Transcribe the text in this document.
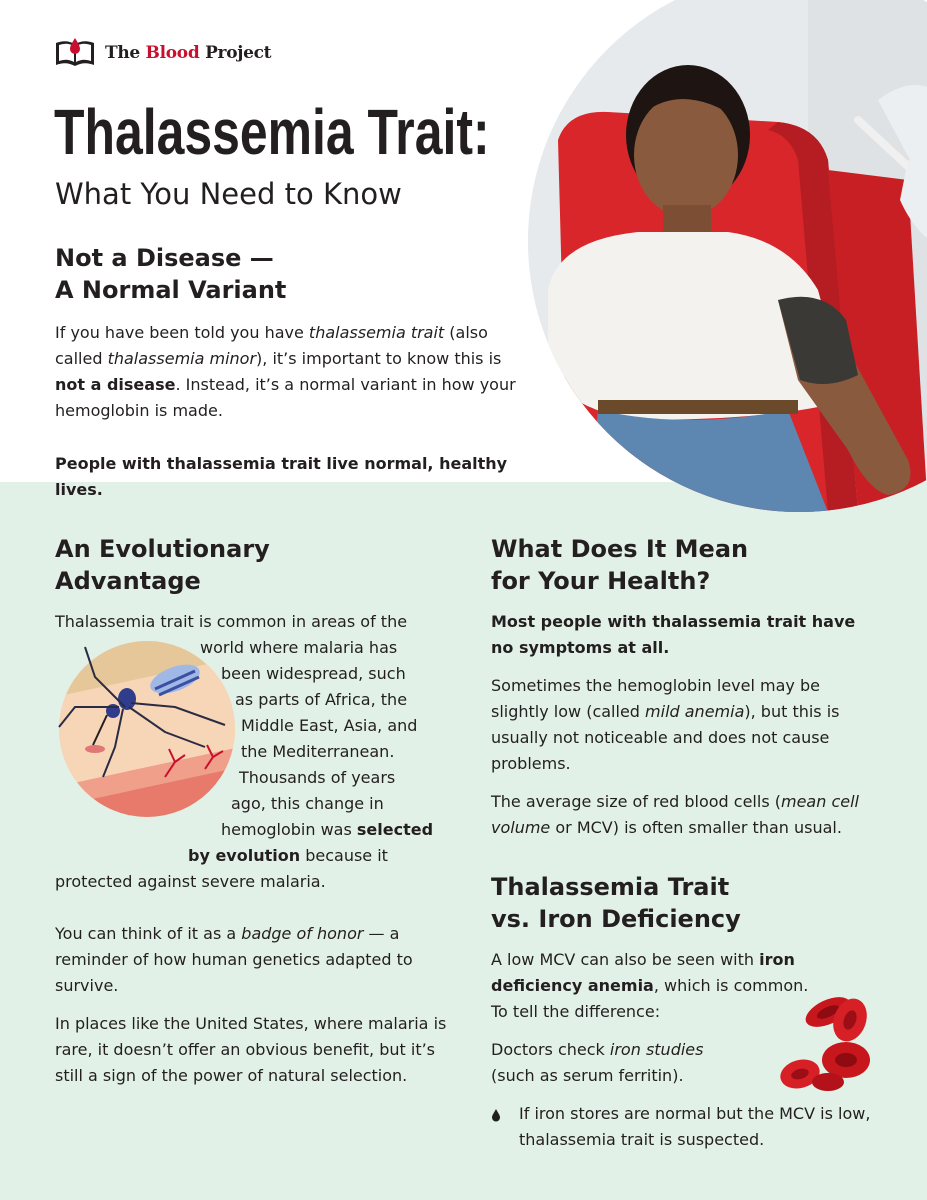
The Blood Project
Thalassemia Trait:
What You Need to Know
Not a Disease —
A Normal Variant

If you have been told you have thalassemia trait (also called thalassemia minor), it’s important to know this is not a disease. Instead, it’s a normal variant in how your hemoglobin is made.

People with thalassemia trait live normal, healthy lives.

An Evolutionary
Advantage
Thalassemia trait is common in areas of the
world where malaria has
been widespread, such
as parts of Africa, the
Middle East, Asia, and
the Mediterranean.
Thousands of years
ago, this change in
hemoglobin was selected
by evolution because it
protected against severe malaria.

You can think of it as a badge of honor — a reminder of how human genetics adapted to survive.

In places like the United States, where malaria is rare, it doesn’t offer an obvious benefit, but it’s still a sign of the power of natural selection.

What Does It Mean
for Your Health?

Most people with thalassemia trait have no symptoms at all.

Sometimes the hemoglobin level may be slightly low (called mild anemia), but this is usually not noticeable and does not cause problems.

The average size of red blood cells (mean cell volume or MCV) is often smaller than usual.

Thalassemia Trait
vs. Iron Deficiency

A low MCV can also be seen with iron deficiency anemia, which is common.
To tell the difference:

Doctors check iron studies
(such as serum ferritin).

If iron stores are normal but the MCV is low, thalassemia trait is suspected.
